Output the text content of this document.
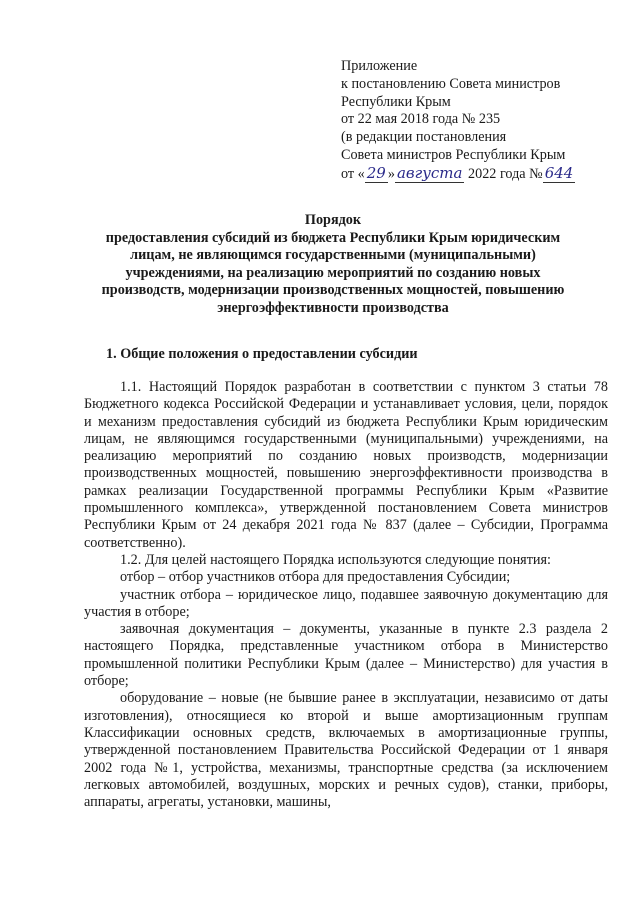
Приложение
к постановлению Совета министров
Республики Крым
от 22 мая 2018 года № 235
(в редакции постановления
Совета министров Республики Крым
от « 29 » августа 2022 года № 644
Порядок
предоставления субсидий из бюджета Республики Крым юридическим
лицам, не являющимся государственными (муниципальными)
учреждениями, на реализацию мероприятий по созданию новых
производств, модернизации производственных мощностей, повышению
энергоэффективности производства
1. Общие положения о предоставлении субсидии

1.1. Настоящий Порядок разработан в соответствии с пунктом 3 статьи 78 Бюджетного кодекса Российской Федерации и устанавливает условия, цели, порядок и механизм предоставления субсидий из бюджета Республики Крым юридическим лицам, не являющимся государственными (муниципальными) учреждениями, на реализацию мероприятий по созданию новых производств, модернизации производственных мощностей, повышению энергоэффективности производства в рамках реализации Государственной программы Республики Крым «Развитие промышленного комплекса», утвержденной постановлением Совета министров Республики Крым от 24 декабря 2021 года № 837 (далее – Субсидии, Программа соответственно).

1.2. Для целей настоящего Порядка используются следующие понятия:

отбор – отбор участников отбора для предоставления Субсидии;

участник отбора – юридическое лицо, подавшее заявочную документацию для участия в отборе;

заявочная документация – документы, указанные в пункте 2.3 раздела 2 настоящего Порядка, представленные участником отбора в Министерство промышленной политики Республики Крым (далее – Министерство) для участия в отборе;

оборудование – новые (не бывшие ранее в эксплуатации, независимо от даты изготовления), относящиеся ко второй и выше амортизационным группам Классификации основных средств, включаемых в амортизационные группы, утвержденной постановлением Правительства Российской Федерации от 1 января 2002 года №1, устройства, механизмы, транспортные средства (за исключением легковых автомобилей, воздушных, морских и речных судов), станки, приборы, аппараты, агрегаты, установки, машины,
